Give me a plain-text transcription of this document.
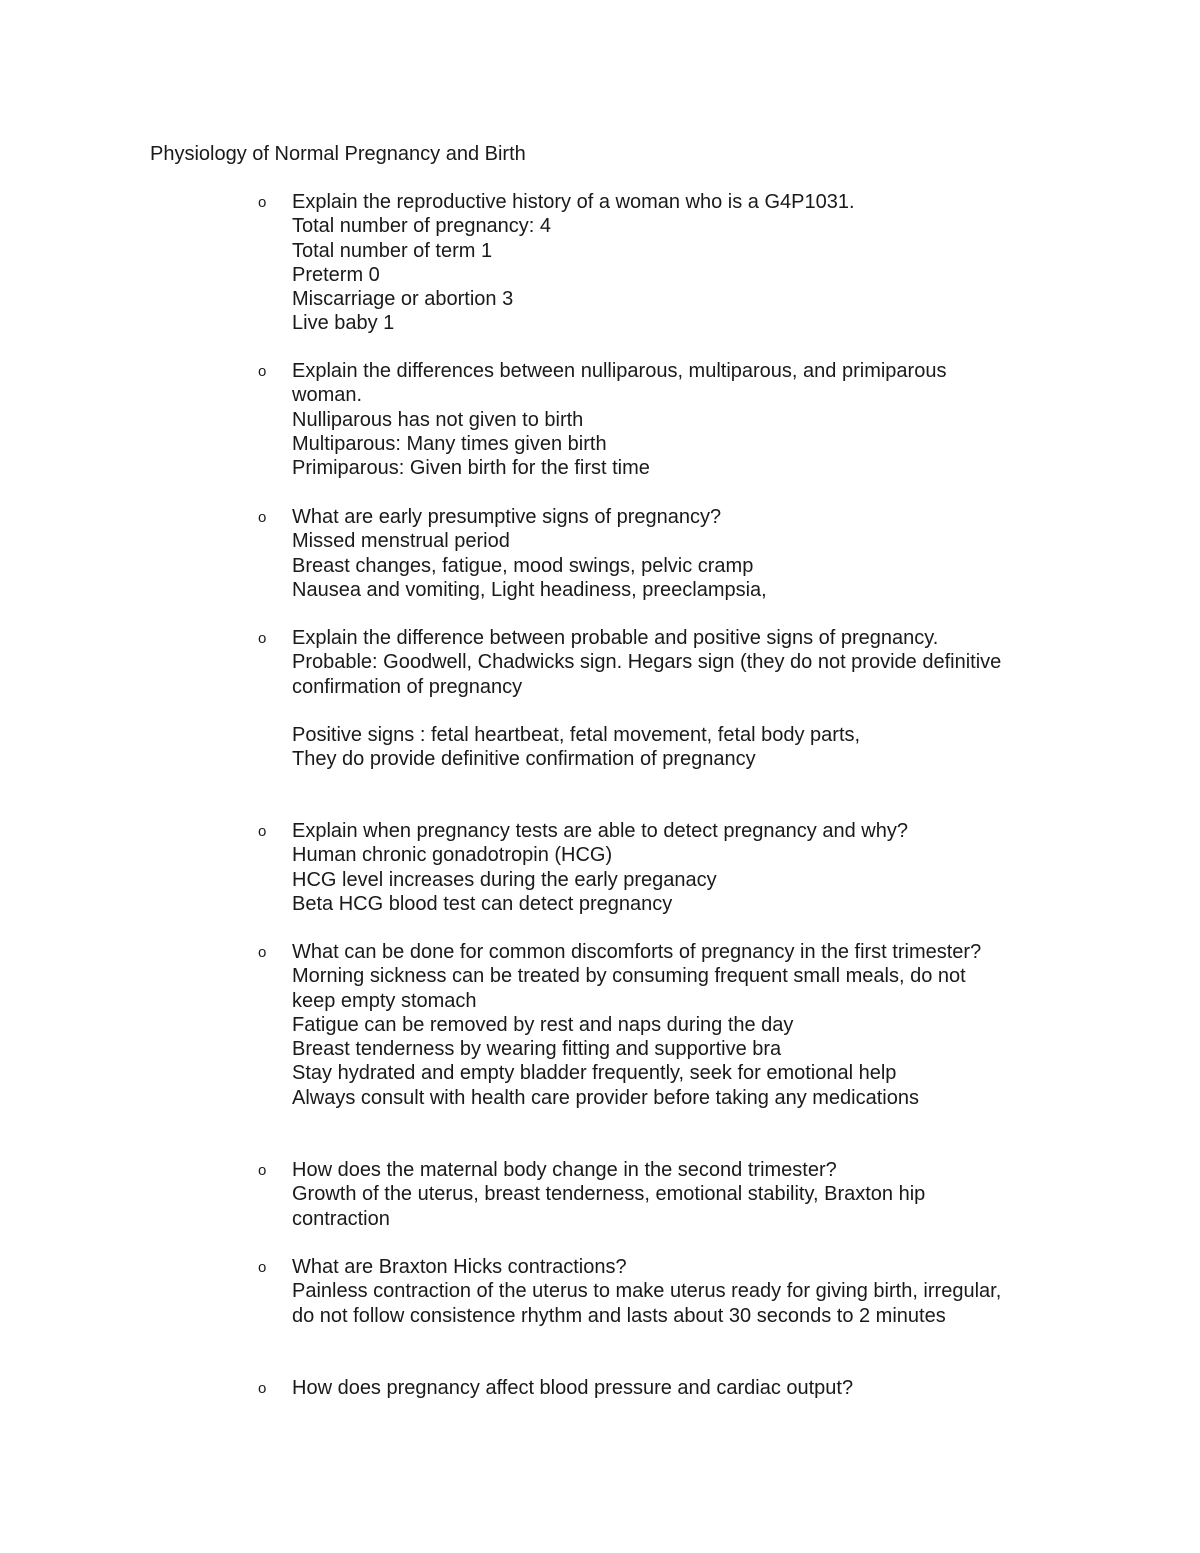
Physiology of Normal Pregnancy and Birth
o Explain the reproductive history of a woman who is a G4P1031.
Total number of pregnancy: 4
Total number of term 1
Preterm 0
Miscarriage or abortion 3
Live baby 1
o Explain the differences between nulliparous, multiparous, and primiparous
woman.
Nulliparous has not given to birth
Multiparous: Many times given birth
Primiparous: Given birth for the first time
o What are early presumptive signs of pregnancy?
Missed menstrual period
Breast changes, fatigue, mood swings, pelvic cramp
Nausea and vomiting, Light headiness, preeclampsia,
o Explain the difference between probable and positive signs of pregnancy.
Probable: Goodwell, Chadwicks sign. Hegars sign (they do not provide definitive
confirmation of pregnancy
Positive signs : fetal heartbeat, fetal movement, fetal body parts,
They do provide definitive confirmation of pregnancy
o Explain when pregnancy tests are able to detect pregnancy and why?
Human chronic gonadotropin (HCG)
HCG level increases during the early preganacy
Beta HCG blood test can detect pregnancy
o What can be done for common discomforts of pregnancy in the first trimester?
Morning sickness can be treated by consuming frequent small meals, do not
keep empty stomach
Fatigue can be removed by rest and naps during the day
Breast tenderness by wearing fitting and supportive bra
Stay hydrated and empty bladder frequently, seek for emotional help
Always consult with health care provider before taking any medications
o How does the maternal body change in the second trimester?
Growth of the uterus, breast tenderness, emotional stability, Braxton hip
contraction
o What are Braxton Hicks contractions?
Painless contraction of the uterus to make uterus ready for giving birth, irregular,
do not follow consistence rhythm and lasts about 30 seconds to 2 minutes
o How does pregnancy affect blood pressure and cardiac output?
